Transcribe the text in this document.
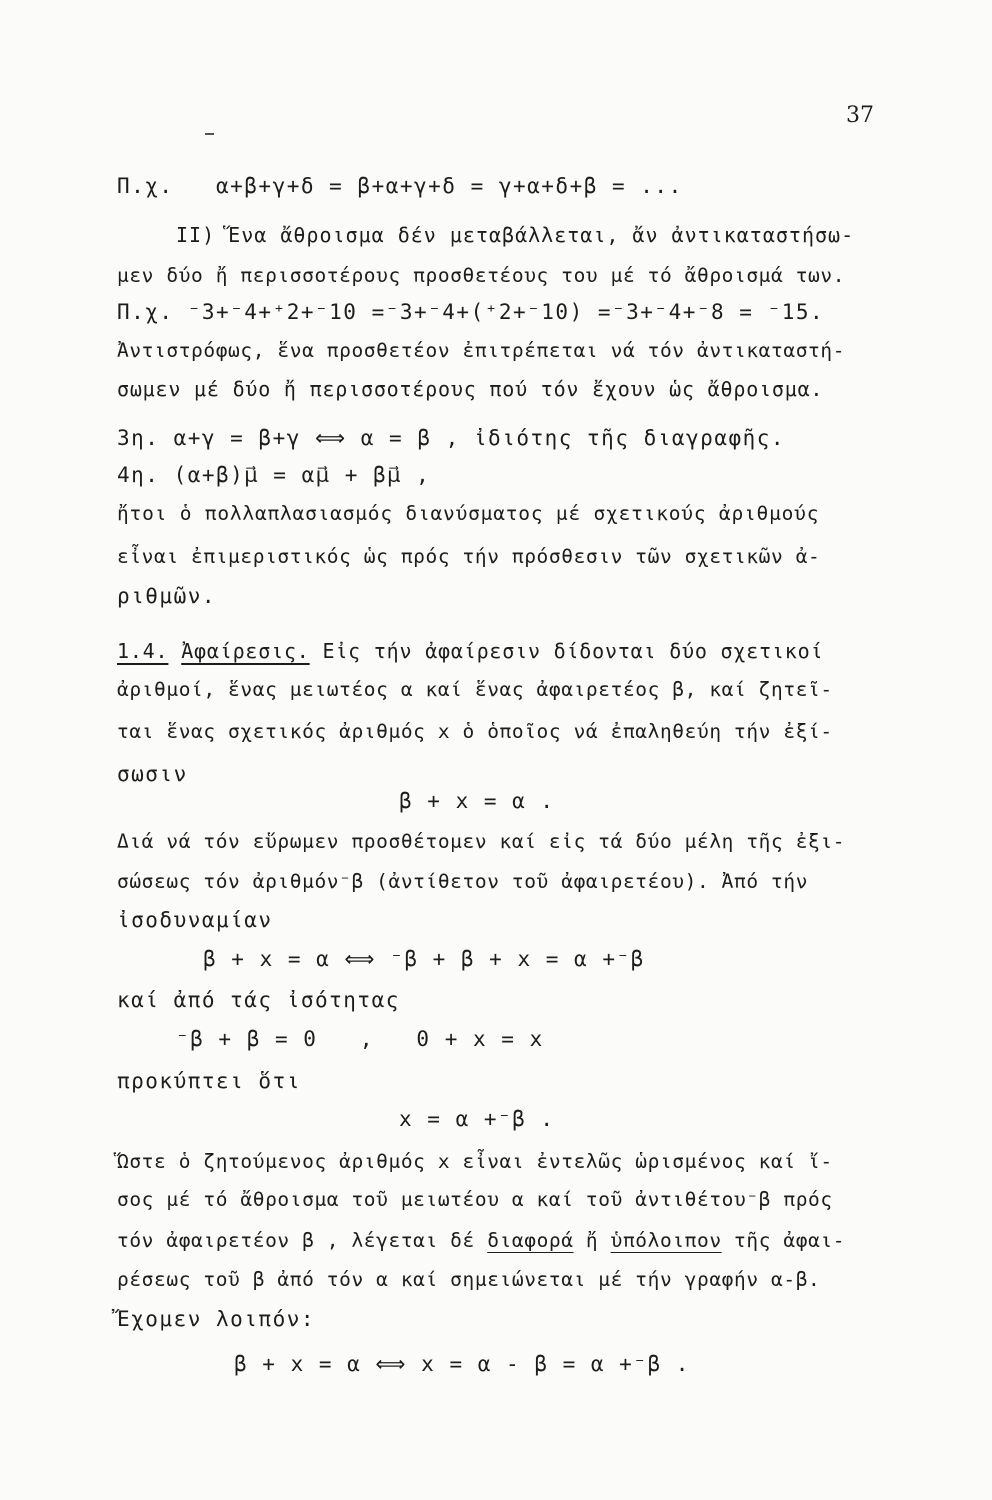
37
Π.χ.   α+β+γ+δ = β+α+γ+δ = γ+α+δ+β = ...
ΙΙ) Ἕνα ἄθροισμα δέν μεταβάλλεται, ἄν ἀντικαταστήσω-
μεν δύο ἤ περισσοτέρους προσθετέους του μέ τό ἄθροισμά των.
Π.χ. ⁻3+⁻4+⁺2+⁻10 =⁻3+⁻4+(⁺2+⁻10) =⁻3+⁻4+⁻8 = ⁻15.
Ἀντιστρόφως, ἕνα προσθετέον ἐπιτρέπεται νά τόν ἀντικαταστή-
σωμεν μέ δύο ἤ περισσοτέρους πού τόν ἔχουν ὡς ἄθροισμα.
3η. α+γ = β+γ ⟺ α = β , ἰδιότης τῆς διαγραφῆς.
4η. (α+β)μ⃗ = αμ⃗ + βμ⃗ ,
ἤτοι ὁ πολλαπλασιασμός διανύσματος μέ σχετικούς ἀριθμούς
εἶναι ἐπιμεριστικός ὡς πρός τήν πρόσθεσιν τῶν σχετικῶν ἀ-
ριθμῶν.
1.4. Ἀφαίρεσις. Εἰς τήν ἀφαίρεσιν δίδονται δύο σχετικοί
ἀριθμοί, ἕνας μειωτέος α καί ἕνας ἀφαιρετέος β, καί ζητεῖ-
ται ἕνας σχετικός ἀριθμός x ὁ ὁποῖος νά ἐπαληθεύη τήν ἐξί-
σωσιν
β + x = α .
Διά νά τόν εὕρωμεν προσθέτομεν καί εἰς τά δύο μέλη τῆς ἐξι-
σώσεως τόν ἀριθμόν⁻β (ἀντίθετον τοῦ ἀφαιρετέου). Ἀπό τήν
ἰσοδυναμίαν
β + x = α ⟺ ⁻β + β + x = α +⁻β
καί ἀπό τάς ἰσότητας
⁻β + β = 0   ,   0 + x = x
προκύπτει ὅτι
x = α +⁻β .
Ὥστε ὁ ζητούμενος ἀριθμός x εἶναι ἐντελῶς ὡρισμένος καί ἴ-
σος μέ τό ἄθροισμα τοῦ μειωτέου α καί τοῦ ἀντιθέτου⁻β πρός
τόν ἀφαιρετέον β , λέγεται δέ διαφορά ἤ ὑπόλοιπον τῆς ἀφαι-
ρέσεως τοῦ β ἀπό τόν α καί σημειώνεται μέ τήν γραφήν α-β.
Ἔχομεν λοιπόν:
β + x = α ⟺ x = α - β = α +⁻β .
